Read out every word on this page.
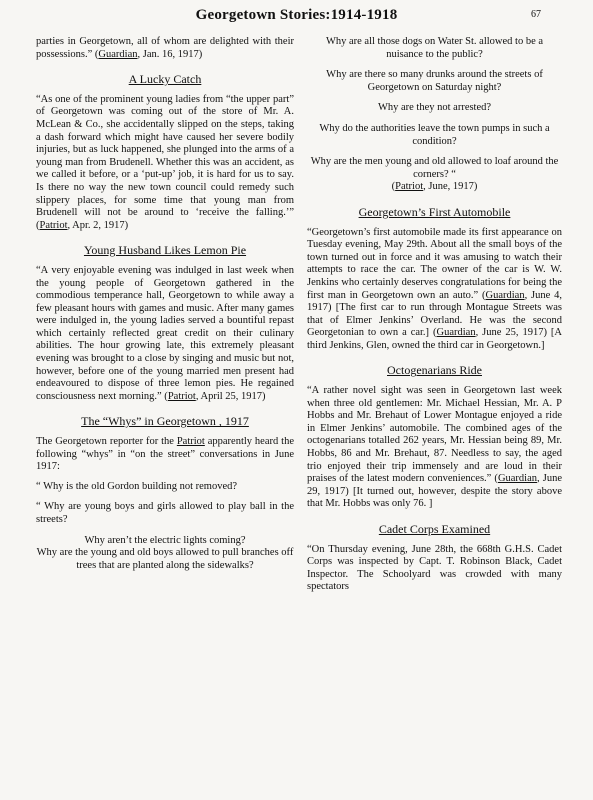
Georgetown Stories:1914-1918	67

parties in Georgetown, all of whom are delighted with their possessions.” (Guardian, Jan. 16, 1917)

A Lucky Catch

“As one of the prominent young ladies from “the upper part” of Georgetown was coming out of the store of Mr. A. McLean & Co., she accidentally slipped on the steps, taking a dash forward which might have caused her severe bodily injuries, but as luck happened, she plunged into the arms of a young man from Brudenell. Whether this was an accident, as we called it before, or a ‘put-up’ job, it is hard for us to say. Is there no way the new town council could remedy such slippery places, for some time that young man from Brudenell will not be around to ‘receive the falling.’” (Patriot, Apr. 2, 1917)

Young Husband Likes Lemon Pie

“A very enjoyable evening was indulged in last week when the young people of Georgetown gathered in the commodious temperance hall, Georgetown to while away a few pleasant hours with games and music. After many games were indulged in, the young ladies served a bountiful repast which certainly reflected great credit on their culinary abilities. The hour growing late, this extremely pleasant evening was brought to a close by singing and music but not, however, before one of the young married men present had endeavoured to dispose of three lemon pies. He regained consciousness next morning.” (Patriot, April 25, 1917)

The “Whys” in Georgetown , 1917

The Georgetown reporter for the Patriot apparently heard the following “whys” in “on the street” conversations in June 1917:

“ Why is the old Gordon building not removed?

“ Why are young boys and girls allowed to play ball in the streets?

Why aren’t the electric lights coming?

Why are the young and old boys allowed to pull branches off trees that are planted along the sidewalks?

Why are all those dogs on Water St. allowed to be a nuisance to the public?

Why are there so many drunks around the streets of Georgetown on Saturday night?

Why are they not arrested?

Why do the authorities leave the town pumps in such a condition?

Why are the men young and old allowed to loaf around the corners? “

(Patriot, June, 1917)

Georgetown’s First Automobile

“Georgetown’s first automobile made its first appearance on Tuesday evening, May 29th. About all the small boys of the town turned out in force and it was amusing to watch their attempts to race the car. The owner of the car is W. W. Jenkins who certainly deserves congratulations for being the first man in Georgetown own an auto.” (Guardian, June 4, 1917) [The first car to run through Montague Streets was that of Elmer Jenkins’ Overland. He was the second Georgetonian to own a car.] (Guardian, June 25, 1917) [A third Jenkins, Glen, owned the third car in Georgetown.]

Octogenarians Ride

“A rather novel sight was seen in Georgetown last week when three old gentlemen: Mr. Michael Hessian, Mr. A. P Hobbs and Mr. Brehaut of Lower Montague enjoyed a ride in Elmer Jenkins’ automobile. The combined ages of the octogenarians totalled 262 years, Mr. Hessian being 89, Mr. Hobbs, 86 and Mr. Brehaut, 87. Needless to say, the aged trio enjoyed their trip immensely and are loud in their praises of the latest modern conveniences.” (Guardian, June 29, 1917) [It turned out, however, despite the story above that Mr. Hobbs was only 76. ]

Cadet Corps Examined

“On Thursday evening, June 28th, the 668th G.H.S. Cadet Corps was inspected by Capt. T. Robinson Black, Cadet Inspector. The Schoolyard was crowded with many spectators
